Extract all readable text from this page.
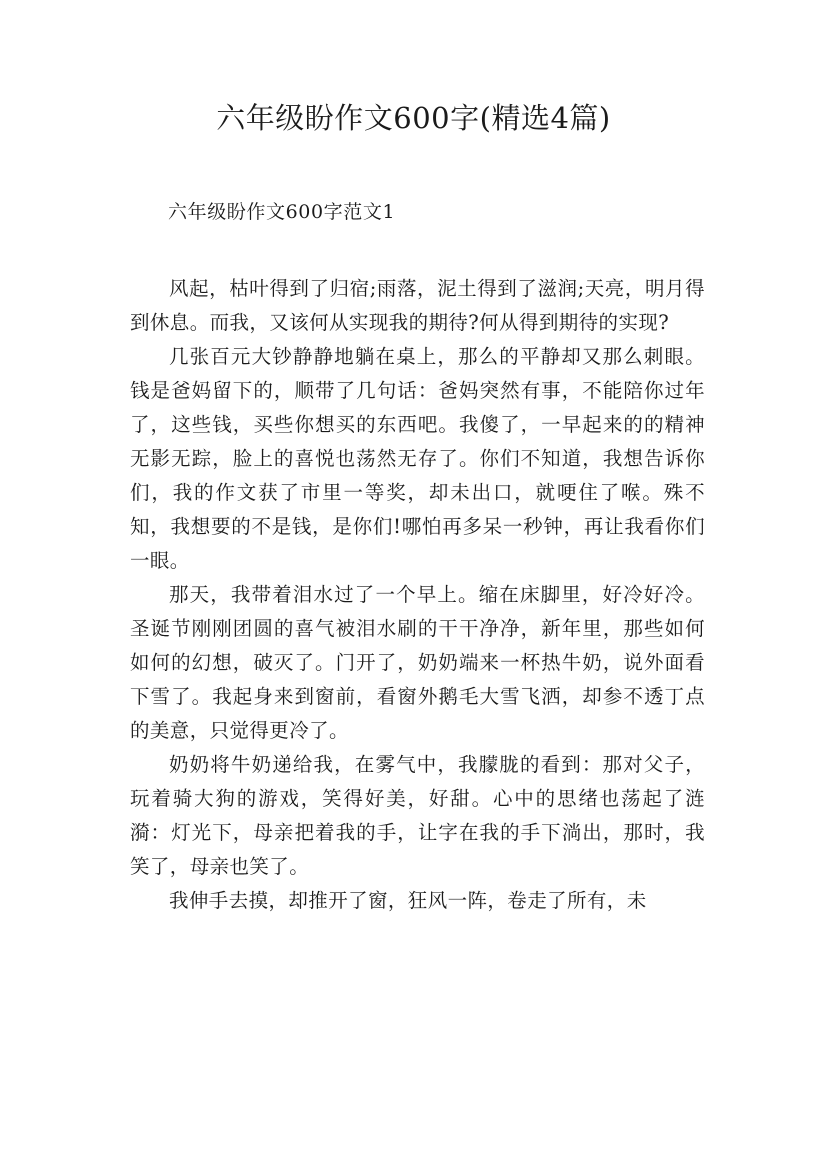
六年级盼作文600字(精选4篇)

六年级盼作文600字范文1

风起，枯叶得到了归宿;雨落，泥土得到了滋润;天亮，明月得到休息。而我，又该何从实现我的期待?何从得到期待的实现?

几张百元大钞静静地躺在桌上，那么的平静却又那么刺眼。钱是爸妈留下的，顺带了几句话：爸妈突然有事，不能陪你过年了，这些钱，买些你想买的东西吧。我傻了，一早起来的的精神无影无踪，脸上的喜悦也荡然无存了。你们不知道，我想告诉你们，我的作文获了市里一等奖，却未出口，就哽住了喉。殊不知，我想要的不是钱，是你们!哪怕再多呆一秒钟，再让我看你们一眼。

那天，我带着泪水过了一个早上。缩在床脚里，好冷好冷。圣诞节刚刚团圆的喜气被泪水刷的干干净净，新年里，那些如何如何的幻想，破灭了。门开了，奶奶端来一杯热牛奶，说外面看下雪了。我起身来到窗前，看窗外鹅毛大雪飞洒，却参不透丁点的美意，只觉得更冷了。

奶奶将牛奶递给我，在雾气中，我朦胧的看到：那对父子，玩着骑大狗的游戏，笑得好美，好甜。心中的思绪也荡起了涟漪：灯光下，母亲把着我的手，让字在我的手下淌出，那时，我笑了，母亲也笑了。

我伸手去摸，却推开了窗，狂风一阵，卷走了所有，未
